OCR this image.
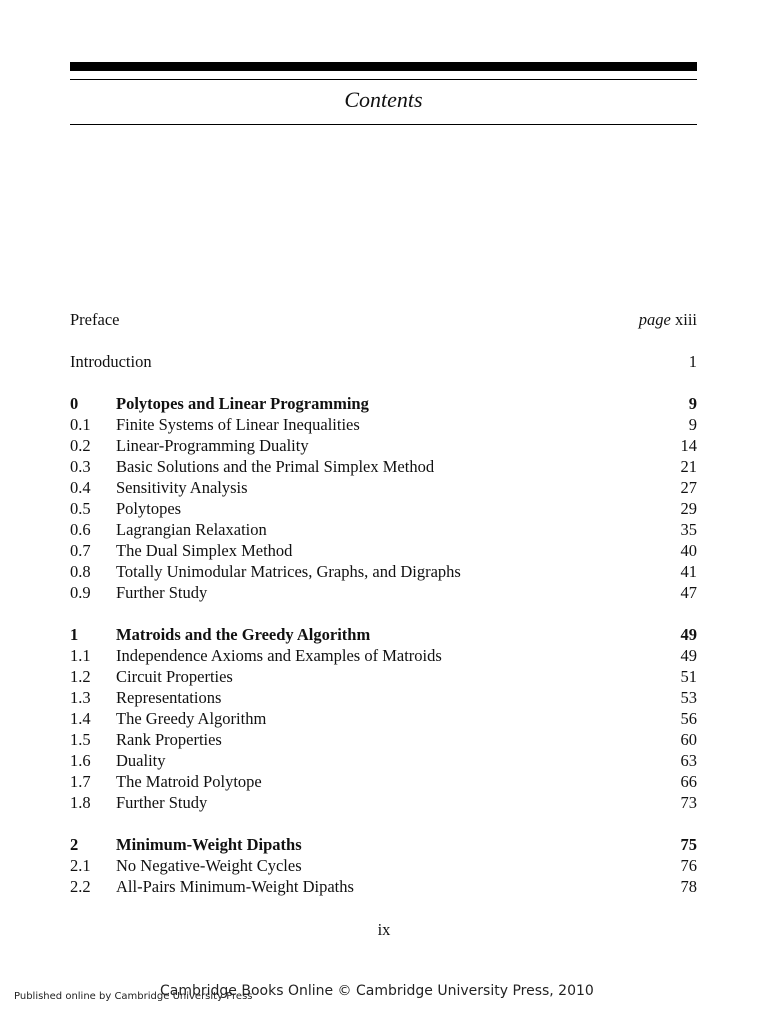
Contents
Preface	page xiii
Introduction	1
0	Polytopes and Linear Programming	9
0.1	Finite Systems of Linear Inequalities	9
0.2	Linear-Programming Duality	14
0.3	Basic Solutions and the Primal Simplex Method	21
0.4	Sensitivity Analysis	27
0.5	Polytopes	29
0.6	Lagrangian Relaxation	35
0.7	The Dual Simplex Method	40
0.8	Totally Unimodular Matrices, Graphs, and Digraphs	41
0.9	Further Study	47
1	Matroids and the Greedy Algorithm	49
1.1	Independence Axioms and Examples of Matroids	49
1.2	Circuit Properties	51
1.3	Representations	53
1.4	The Greedy Algorithm	56
1.5	Rank Properties	60
1.6	Duality	63
1.7	The Matroid Polytope	66
1.8	Further Study	73
2	Minimum-Weight Dipaths	75
2.1	No Negative-Weight Cycles	76
2.2	All-Pairs Minimum-Weight Dipaths	78
ix
Cambridge Books Online © Cambridge University Press, 2010
Published online by Cambridge University Press
